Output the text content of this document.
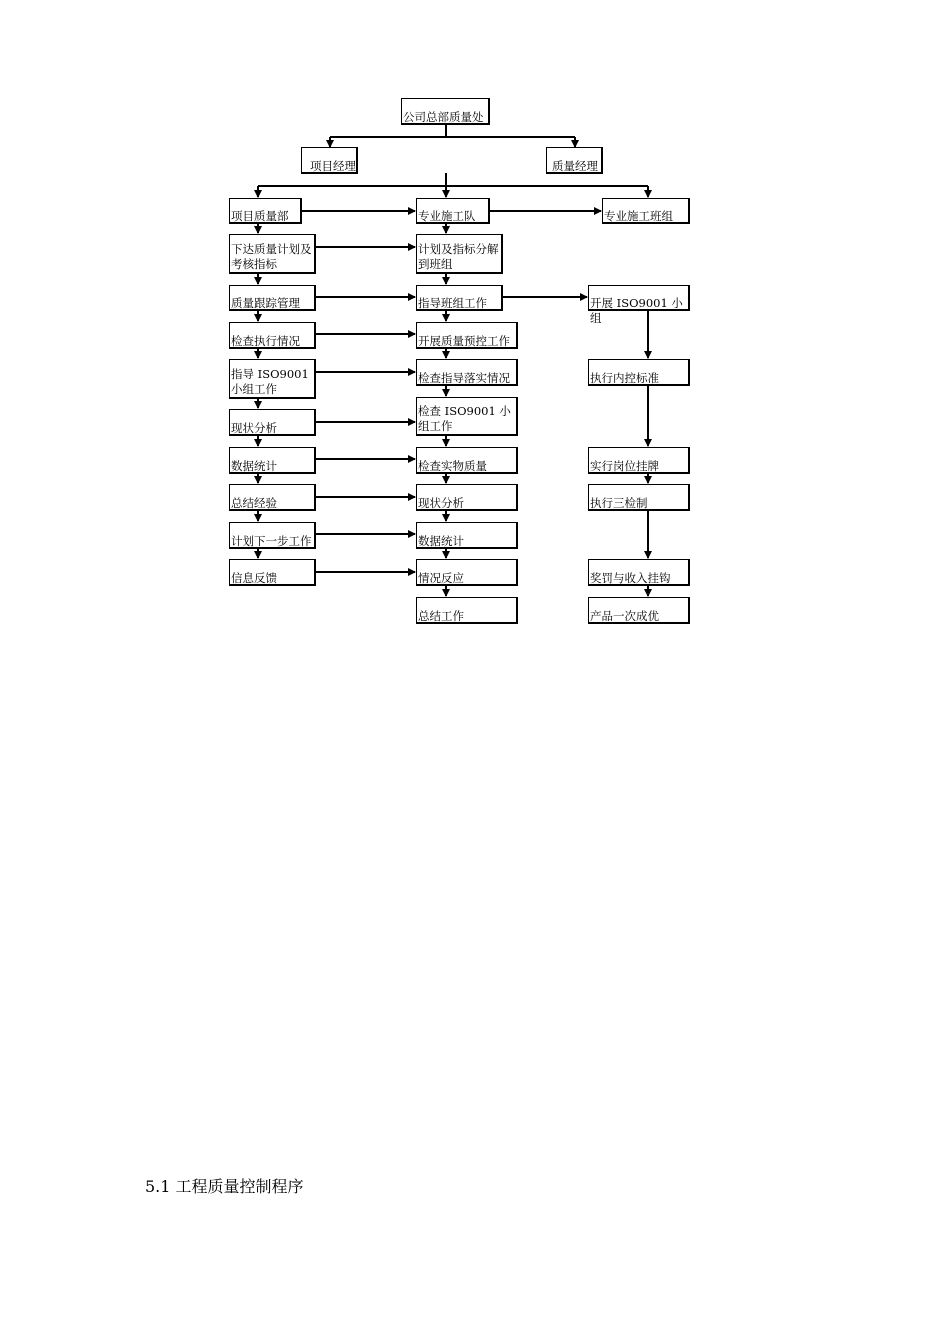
公司总部质量处
项目经理	质量经理
项目质量部	专业施工队	专业施工班组
下达质量计划及考核指标
质量跟踪管理
检查执行情况
指导 ISO9001 小组工作
现状分析
数据统计
总结经验
计划下一步工作
信息反馈
计划及指标分解到班组
指导班组工作
开展质量预控工作
检查指导落实情况
检查 ISO9001 小组工作
检查实物质量
现状分析
数据统计
情况反应
总结工作
开展 ISO9001 小组
执行内控标准
实行岗位挂牌
执行三检制
奖罚与收入挂钩
产品一次成优
5.1 工程质量控制程序
